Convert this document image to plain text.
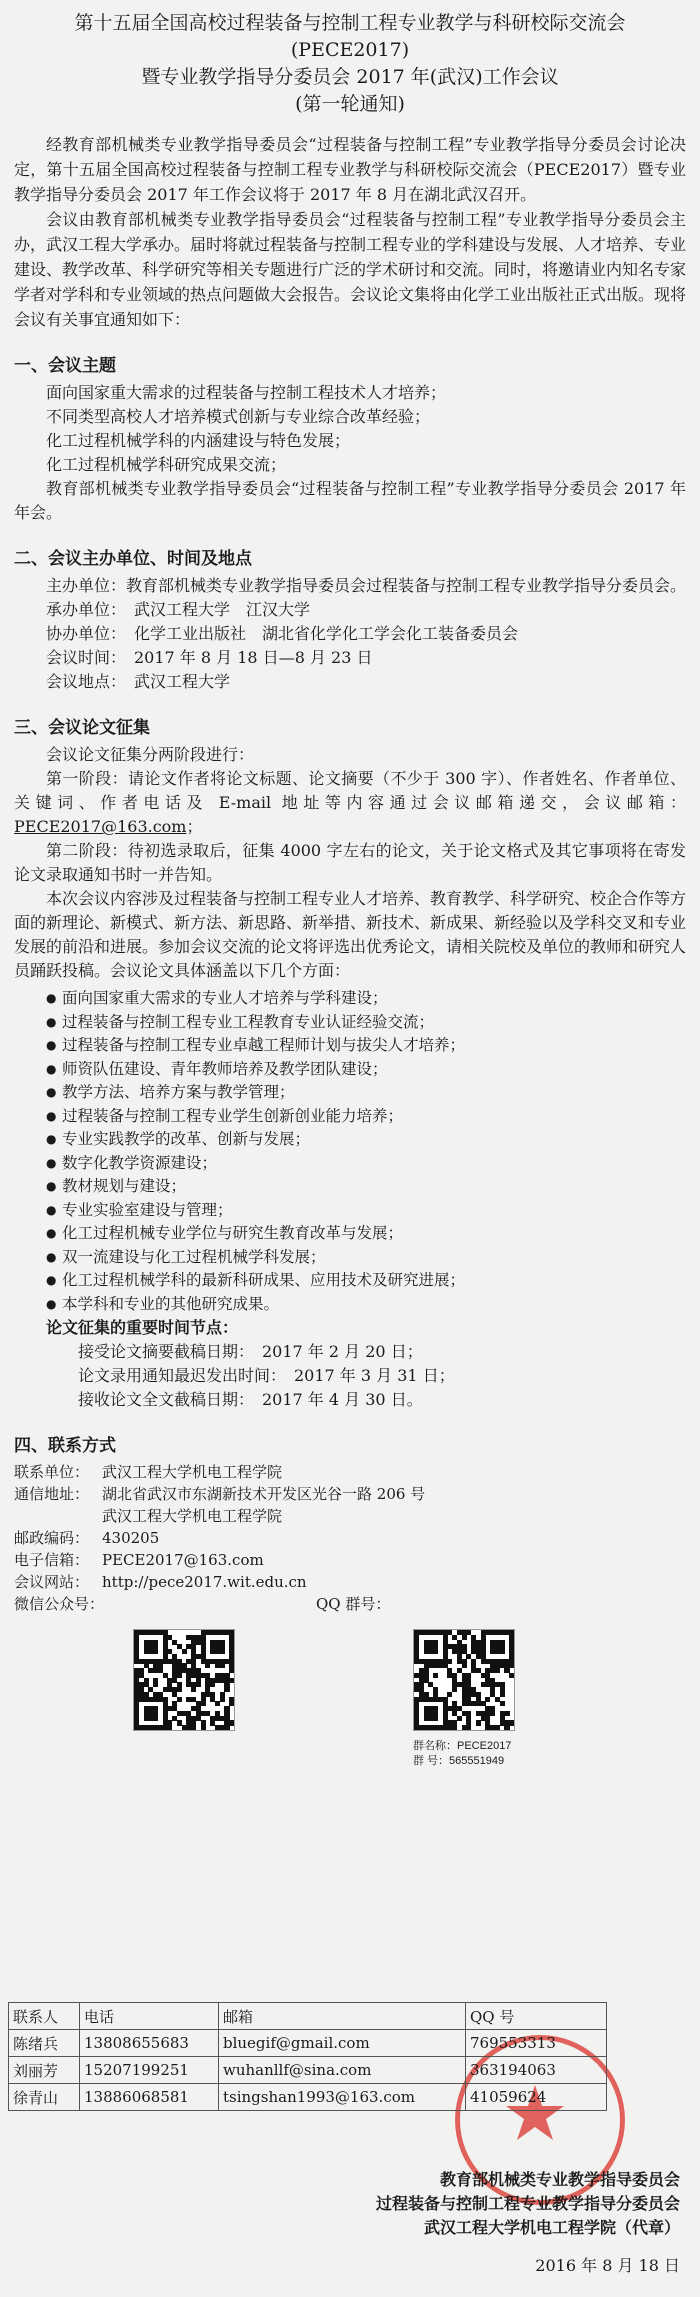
第十五届全国高校过程装备与控制工程专业教学与科研校际交流会
(PECE2017)
暨专业教学指导分委员会 2017 年(武汉)工作会议
(第一轮通知)

经教育部机械类专业教学指导委员会“过程装备与控制工程”专业教学指导分委员会讨论决定，第十五届全国高校过程装备与控制工程专业教学与科研校际交流会（PECE2017）暨专业教学指导分委员会 2017 年工作会议将于 2017 年 8 月在湖北武汉召开。

会议由教育部机械类专业教学指导委员会“过程装备与控制工程”专业教学指导分委员会主办，武汉工程大学承办。届时将就过程装备与控制工程专业的学科建设与发展、人才培养、专业建设、教学改革、科学研究等相关专题进行广泛的学术研讨和交流。同时，将邀请业内知名专家学者对学科和专业领域的热点问题做大会报告。会议论文集将由化学工业出版社正式出版。现将会议有关事宜通知如下：

一、会议主题
面向国家重大需求的过程装备与控制工程技术人才培养；
不同类型高校人才培养模式创新与专业综合改革经验；
化工过程机械学科的内涵建设与特色发展；
化工过程机械学科研究成果交流；
教育部机械类专业教学指导委员会“过程装备与控制工程”专业教学指导分委员会 2017 年年会。
二、会议主办单位、时间及地点
主办单位：教育部机械类专业教学指导委员会过程装备与控制工程专业教学指导分委员会。
承办单位：　武汉工程大学　江汉大学
协办单位：　化学工业出版社　湖北省化学化工学会化工装备委员会
会议时间：　2017 年 8 月 18 日—8 月 23 日
会议地点：　武汉工程大学
三、会议论文征集
会议论文征集分两阶段进行：
第一阶段：请论文作者将论文标题、论文摘要（不少于 300 字）、作者姓名、作者单位、关键词、作者电话及 E-mail 地址等内容通过会议邮箱递交，会议邮箱：PECE2017@163.com；
第二阶段：待初选录取后，征集 4000 字左右的论文，关于论文格式及其它事项将在寄发论文录取通知书时一并告知。
本次会议内容涉及过程装备与控制工程专业人才培养、教育教学、科学研究、校企合作等方面的新理论、新模式、新方法、新思路、新举措、新技术、新成果、新经验以及学科交叉和专业发展的前沿和进展。参加会议交流的论文将评选出优秀论文，请相关院校及单位的教师和研究人员踊跃投稿。会议论文具体涵盖以下几个方面：
● 面向国家重大需求的专业人才培养与学科建设；
● 过程装备与控制工程专业工程教育专业认证经验交流；
● 过程装备与控制工程专业卓越工程师计划与拔尖人才培养；
● 师资队伍建设、青年教师培养及教学团队建设；
● 教学方法、培养方案与教学管理；
● 过程装备与控制工程专业学生创新创业能力培养；
● 专业实践教学的改革、创新与发展；
● 数字化教学资源建设；
● 教材规划与建设；
● 专业实验室建设与管理；
● 化工过程机械专业学位与研究生教育改革与发展；
● 双一流建设与化工过程机械学科发展；
● 化工过程机械学科的最新科研成果、应用技术及研究进展；
● 本学科和专业的其他研究成果。
论文征集的重要时间节点：
接受论文摘要截稿日期：　2017 年 2 月 20 日；
论文录用通知最迟发出时间：　2017 年 3 月 31 日；
接收论文全文截稿日期：　2017 年 4 月 30 日。
四、联系方式
联系单位： 武汉工程大学机电工程学院
通信地址： 湖北省武汉市东湖新技术开发区光谷一路 206 号
武汉工程大学机电工程学院
邮政编码： 430205
电子信箱： PECE2017@163.com
会议网站： http://pece2017.wit.edu.cn
微信公众号：	QQ 群号：
群名称：PECE2017
群 号：565551949
联系人	电话	邮箱	QQ 号
陈绪兵	13808655683	bluegif@gmail.com	769553313
刘丽芳	15207199251	wuhanllf@sina.com	363194063
徐青山	13886068581	tsingshan1993@163.com	41059624
教育部机械类专业教学指导委员会
过程装备与控制工程专业教学指导分委员会
武汉工程大学机电工程学院（代章）
2016 年 8 月 18 日
